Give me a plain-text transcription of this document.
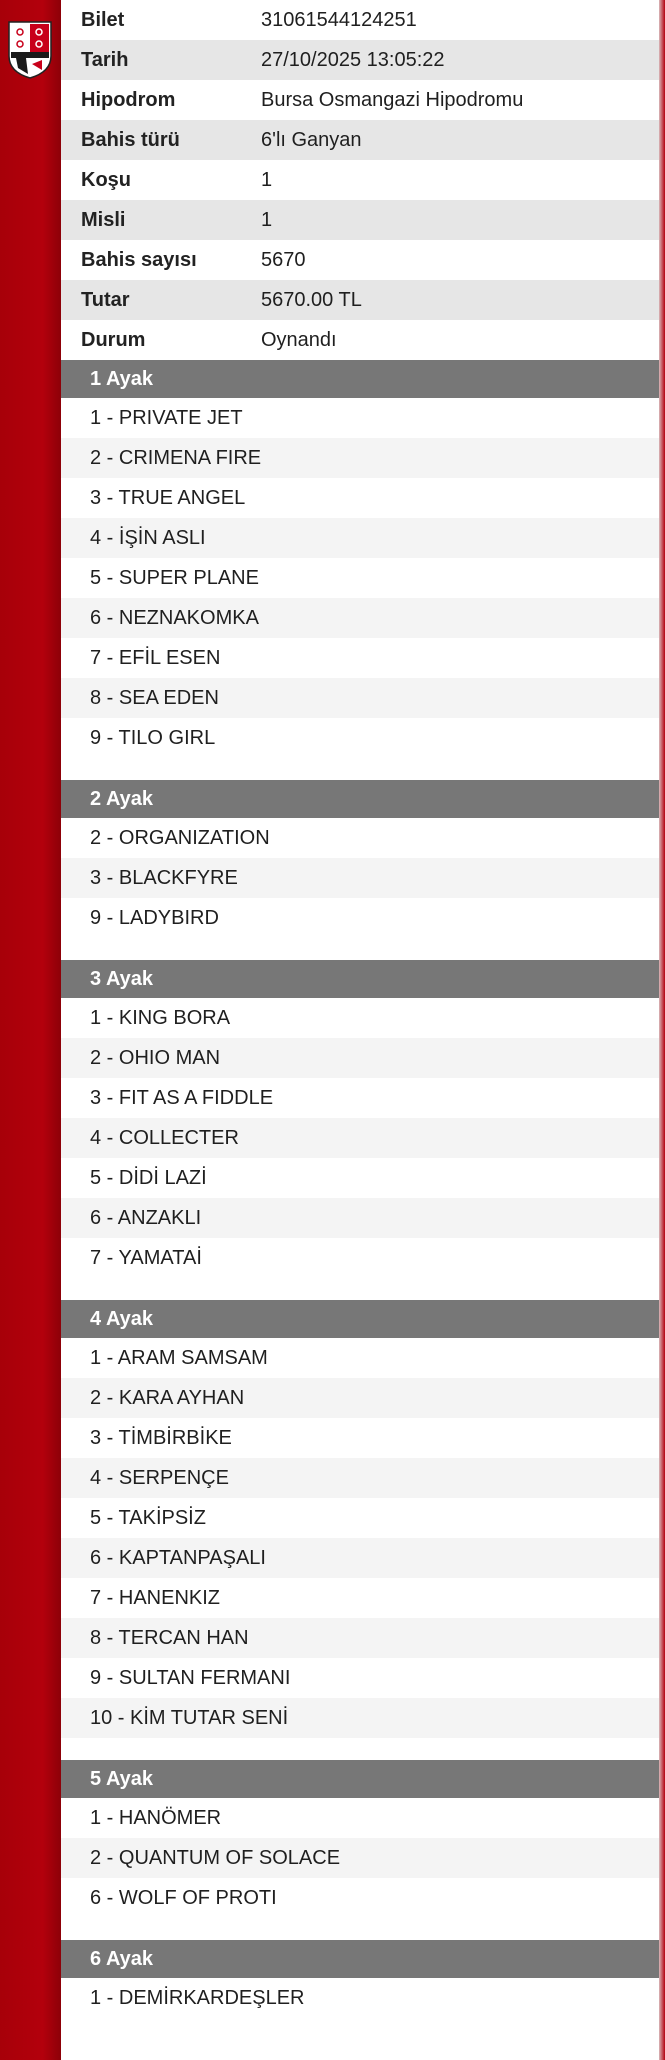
Bilet	31061544124251
Tarih	27/10/2025 13:05:22
Hipodrom	Bursa Osmangazi Hipodromu
Bahis türü	6'lı Ganyan
Koşu	1
Misli	1
Bahis sayısı	5670
Tutar	5670.00 TL
Durum	Oynandı
1 Ayak
1 - PRIVATE JET
2 - CRIMENA FIRE
3 - TRUE ANGEL
4 - İŞİN ASLI
5 - SUPER PLANE
6 - NEZNAKOMKA
7 - EFİL ESEN
8 - SEA EDEN
9 - TILO GIRL
2 Ayak
2 - ORGANIZATION
3 - BLACKFYRE
9 - LADYBIRD
3 Ayak
1 - KING BORA
2 - OHIO MAN
3 - FIT AS A FIDDLE
4 - COLLECTER
5 - DİDİ LAZİ
6 - ANZAKLI
7 - YAMATAİ
4 Ayak
1 - ARAM SAMSAM
2 - KARA AYHAN
3 - TİMBİRBİKE
4 - SERPENÇE
5 - TAKİPSİZ
6 - KAPTANPAŞALI
7 - HANENKIZ
8 - TERCAN HAN
9 - SULTAN FERMANI
10 - KİM TUTAR SENİ
5 Ayak
1 - HANÖMER
2 - QUANTUM OF SOLACE
6 - WOLF OF PROTI
6 Ayak
1 - DEMİRKARDEŞLER
